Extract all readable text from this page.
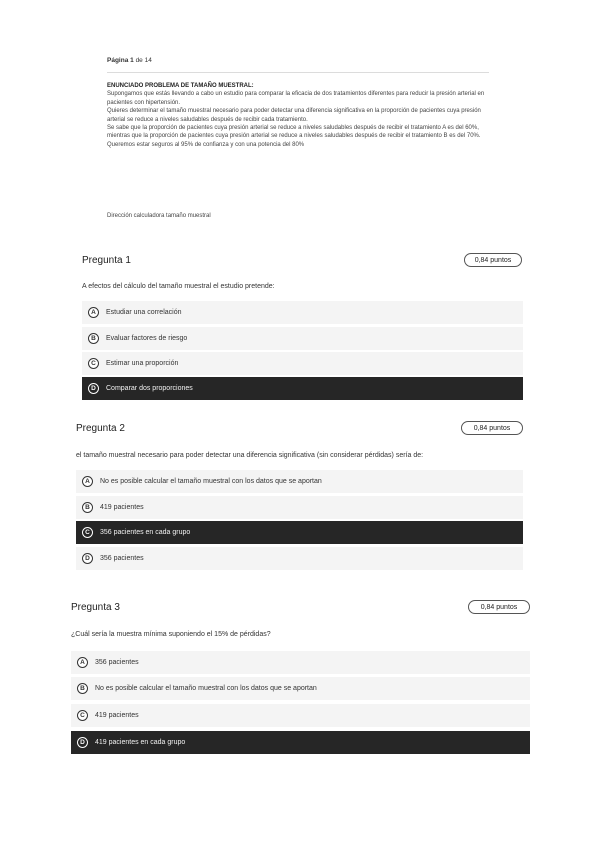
Página 1 de 14

ENUNCIADO PROBLEMA DE TAMAÑO MUESTRAL:

Supongamos que estás llevando a cabo un estudio para comparar la eficacia de dos tratamientos diferentes para reducir la presión arterial en pacientes con hipertensión.

Quieres determinar el tamaño muestral necesario para poder detectar una diferencia significativa en la proporción de pacientes cuya presión arterial se reduce a niveles saludables después de recibir cada tratamiento.

Se sabe que la proporción de pacientes cuya presión arterial se reduce a niveles saludables después de recibir el tratamiento A es del 60%, mientras que la proporción de pacientes cuya presión arterial se reduce a niveles saludables después de recibir el tratamiento B es del 70%.

Queremos estar seguros al 95% de confianza y con una potencia del 80%

Dirección calculadora tamaño muestral
Pregunta 1	0,84 puntos
A efectos del cálculo del tamaño muestral el estudio pretende:
A	Estudiar una correlación
B	Evaluar factores de riesgo
C	Estimar una proporción
D	Comparar dos proporciones
Pregunta 2	0,84 puntos
el tamaño muestral necesario para poder detectar una diferencia significativa (sin considerar pérdidas) sería de:
A	No es posible calcular el tamaño muestral con los datos que se aportan
B	419 pacientes
C	356 pacientes en cada grupo
D	356 pacientes
Pregunta 3	0,84 puntos
¿Cuál sería la muestra mínima suponiendo el 15% de pérdidas?
A	356 pacientes
B	No es posible calcular el tamaño muestral con los datos que se aportan
C	419 pacientes
D	419 pacientes en cada grupo
